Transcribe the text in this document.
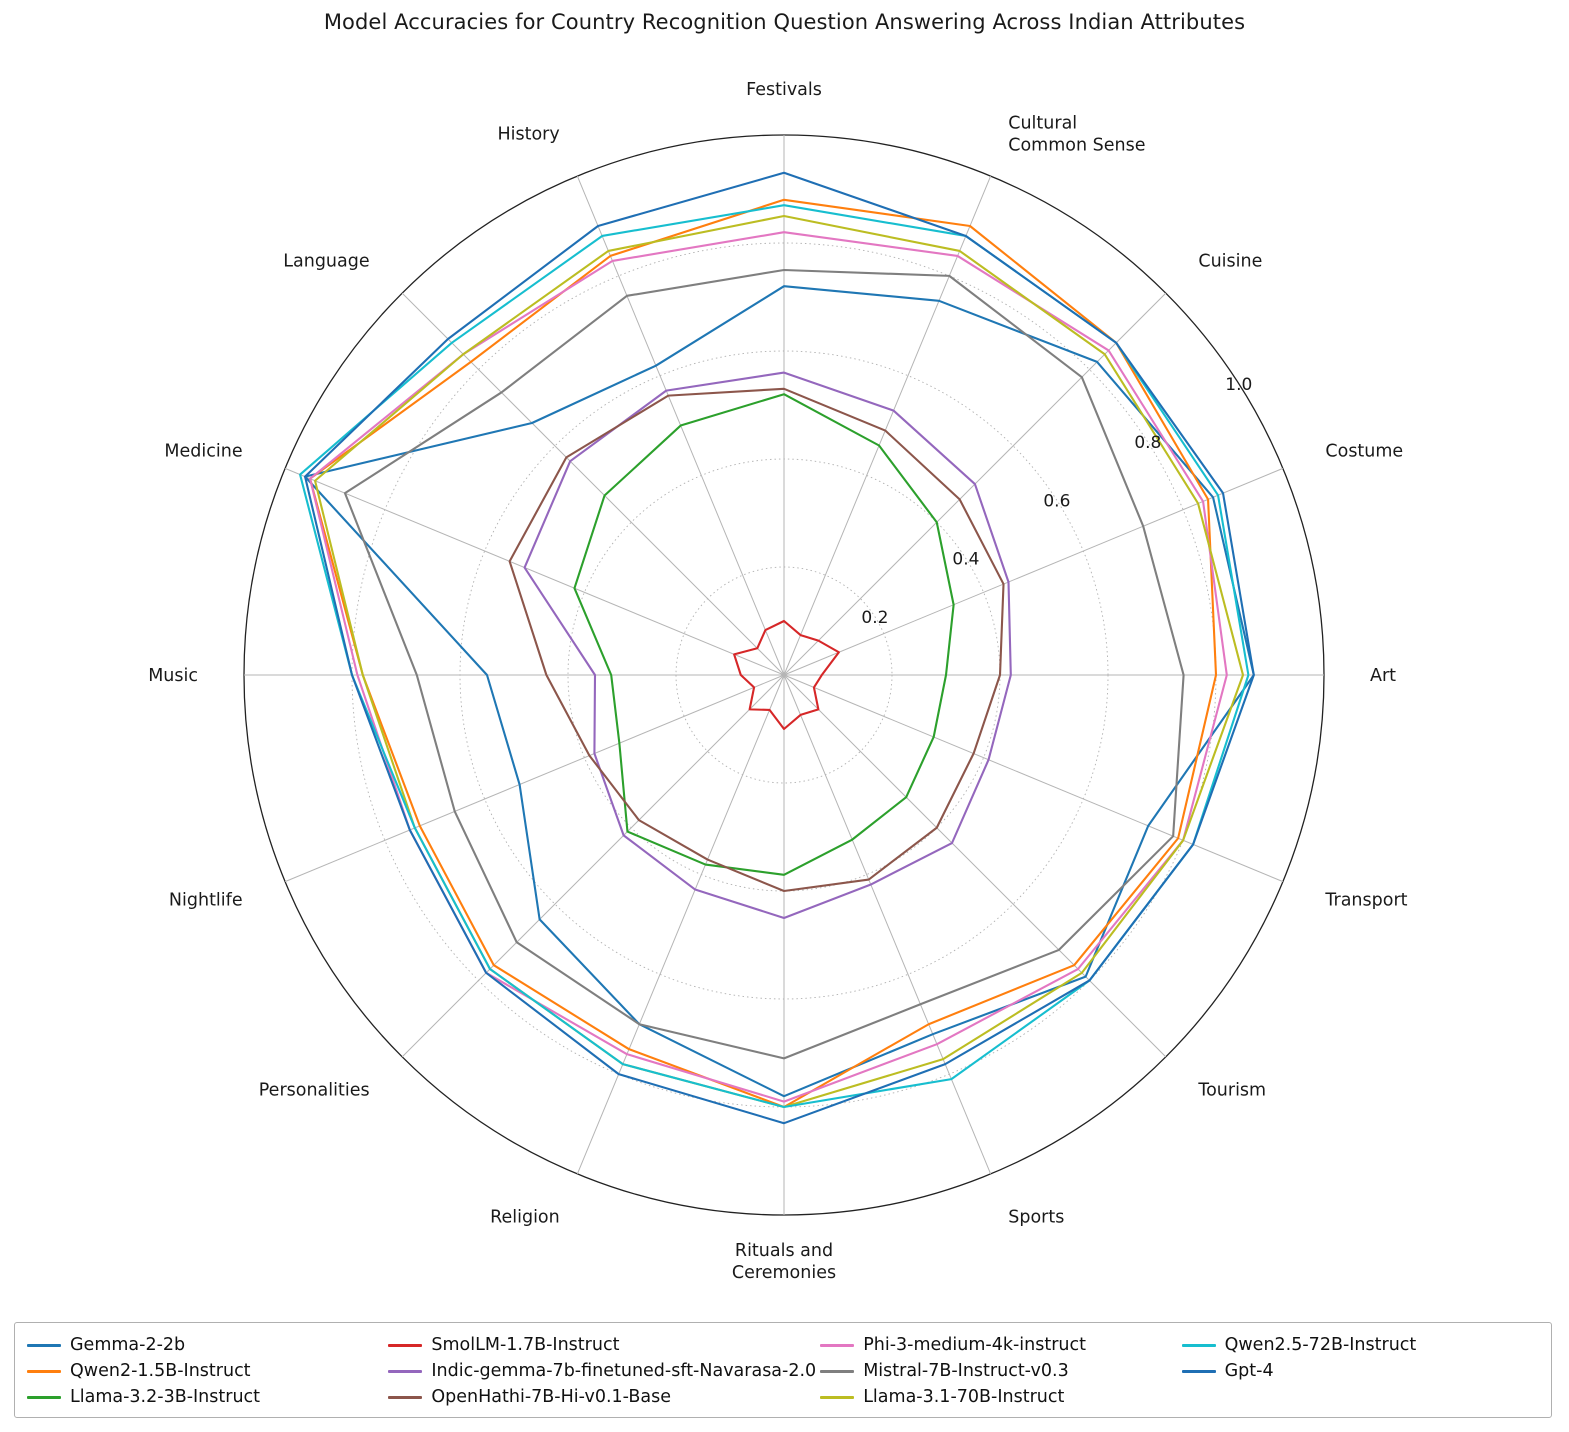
Model Accuracies for Country Recognition Question Answering Across Indian Attributes
0.2
0.4
0.6
0.8
1.0
Festivals
Cultural Common Sense
Cuisine
Costume
Art
Transport
Tourism
Sports
Rituals and Ceremonies
Religion
Personalities
Nightlife
Music
Medicine
Language
History
Gemma-2-2b	SmolLM-1.7B-Instruct	Phi-3-medium-4k-instruct	Qwen2.5-72B-Instruct
Qwen2-1.5B-Instruct	Indic-gemma-7b-finetuned-sft-Navarasa-2.0	Mistral-7B-Instruct-v0.3	Gpt-4
Llama-3.2-3B-Instruct	OpenHathi-7B-Hi-v0.1-Base	Llama-3.1-70B-Instruct
